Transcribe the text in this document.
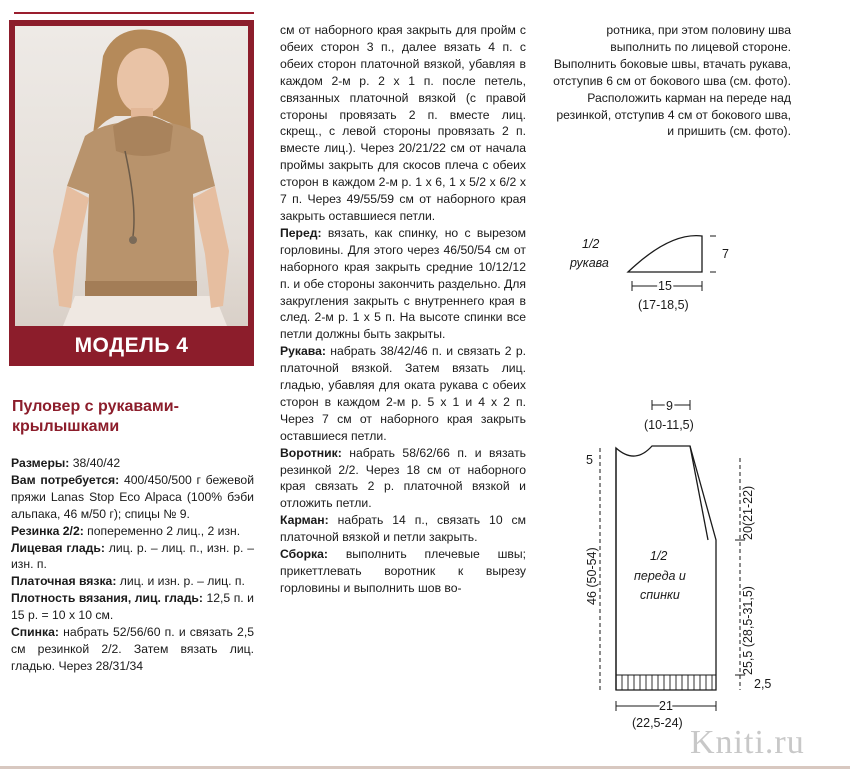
МОДЕЛЬ 4
Пуловер с рукавами-
крылышками

Размеры: 38/40/42

Вам потребуется: 400/450/500 г бежевой пряжи Lanas Stop Eco Alpaca (100% бэби альпака, 46 м/50 г); спицы № 9.

Резинка 2/2: попеременно 2 лиц., 2 изн.

Лицевая гладь: лиц. р. – лиц. п., изн. р. – изн. п.

Платочная вязка: лиц. и изн. р. – лиц. п.

Плотность вязания, лиц. гладь: 12,5 п. и 15 р. = 10 х 10 см.

Спинка: набрать 52/56/60 п. и связать 2,5 см резинкой 2/2. Затем вязать лиц. гладью. Через 28/31/34

см от наборного края закрыть для пройм с обеих сторон 3 п., далее вязать 4 п. с обеих сторон платочной вязкой, убавляя в каждом 2-м р. 2 х 1 п. после петель, связанных платочной вязкой (с правой стороны провязать 2 п. вместе лиц. скрещ., с левой стороны провязать 2 п. вместе лиц.). Через 20/21/22 см от начала проймы закрыть для скосов плеча с обеих сторон в каждом 2-м р. 1 х 6, 1 х 5/2 х 6/2 х 7 п. Через 49/55/59 см от наборного края закрыть оставшиеся петли.

Перед: вязать, как спинку, но с вырезом горловины. Для этого через 46/50/54 см от наборного края закрыть средние 10/12/12 п. и обе стороны закончить раздельно. Для закругления закрыть с внутреннего края в след. 2-м р. 1 х 5 п. На высоте спинки все петли должны быть закрыты.

Рукава: набрать 38/42/46 п. и связать 2 р. платочной вязкой. Затем вязать лиц. гладью, убавляя для оката рукава с обеих сторон в каждом 2-м р. 5 х 1 и 4 х 2 п. Через 7 см от наборного края закрыть оставшиеся петли.

Воротник: набрать 58/62/66 п. и вязать резинкой 2/2. Через 18 см от наборного края связать 2 р. платочной вязкой и отложить петли.

Карман: набрать 14 п., связать 10 см платочной вязкой и петли закрыть.

Сборка: выполнить плечевые швы; прикеттлевать воротник к вырезу горловины и выполнить шов во-

ротника, при этом половину шва выполнить по лицевой стороне. Выполнить боковые швы, втачать рукава, отступив 6 см от бокового шва (см. фото). Расположить карман на переде над резинкой, отступив 4 см от бокового шва, и пришить (см. фото).

1/2
рукава
7
15
(17-18,5)
9
(10-11,5)
5
1/2
переда и
спинки
46 (50-54)
20(21-22)
25,5 (28,5-31,5)
2,5
21
(22,5-24)
Kniti.ru
